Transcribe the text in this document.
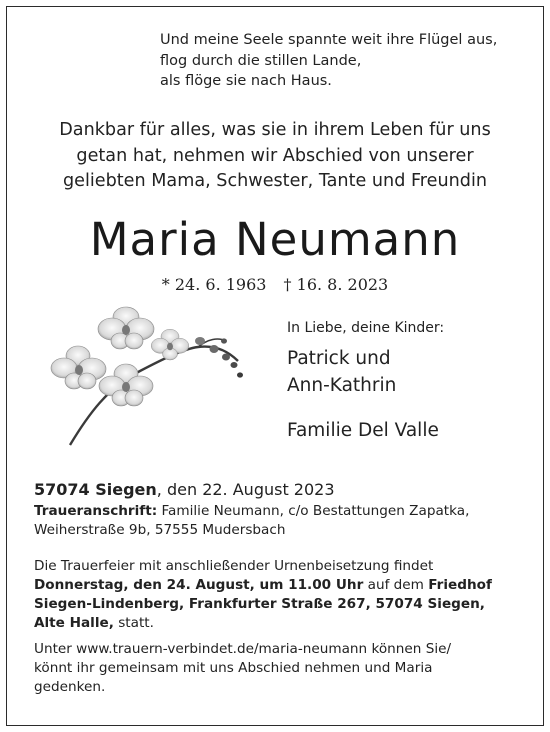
Und meine Seele spannte weit ihre Flügel aus,
flog durch die stillen Lande,
als flöge sie nach Haus.
Dankbar für alles, was sie in ihrem Leben für uns
getan hat, nehmen wir Abschied von unserer
geliebten Mama, Schwester, Tante und Freundin
Maria Neumann
* 24. 6. 1963 † 16. 8. 2023
In Liebe, deine Kinder:
Patrick und
Ann-Kathrin
Familie Del Valle
57074 Siegen, den 22. August 2023
Traueranschrift: Familie Neumann, c/o Bestattungen Zapatka,
Weiherstraße 9b, 57555 Mudersbach
Die Trauerfeier mit anschließender Urnenbeisetzung findet
Donnerstag, den 24. August, um 11.00 Uhr auf dem Friedhof
Siegen-Lindenberg, Frankfurter Straße 267, 57074 Siegen,
Alte Halle, statt.
Unter www.trauern-verbindet.de/maria-neumann können Sie/
könnt ihr gemeinsam mit uns Abschied nehmen und Maria
gedenken.
